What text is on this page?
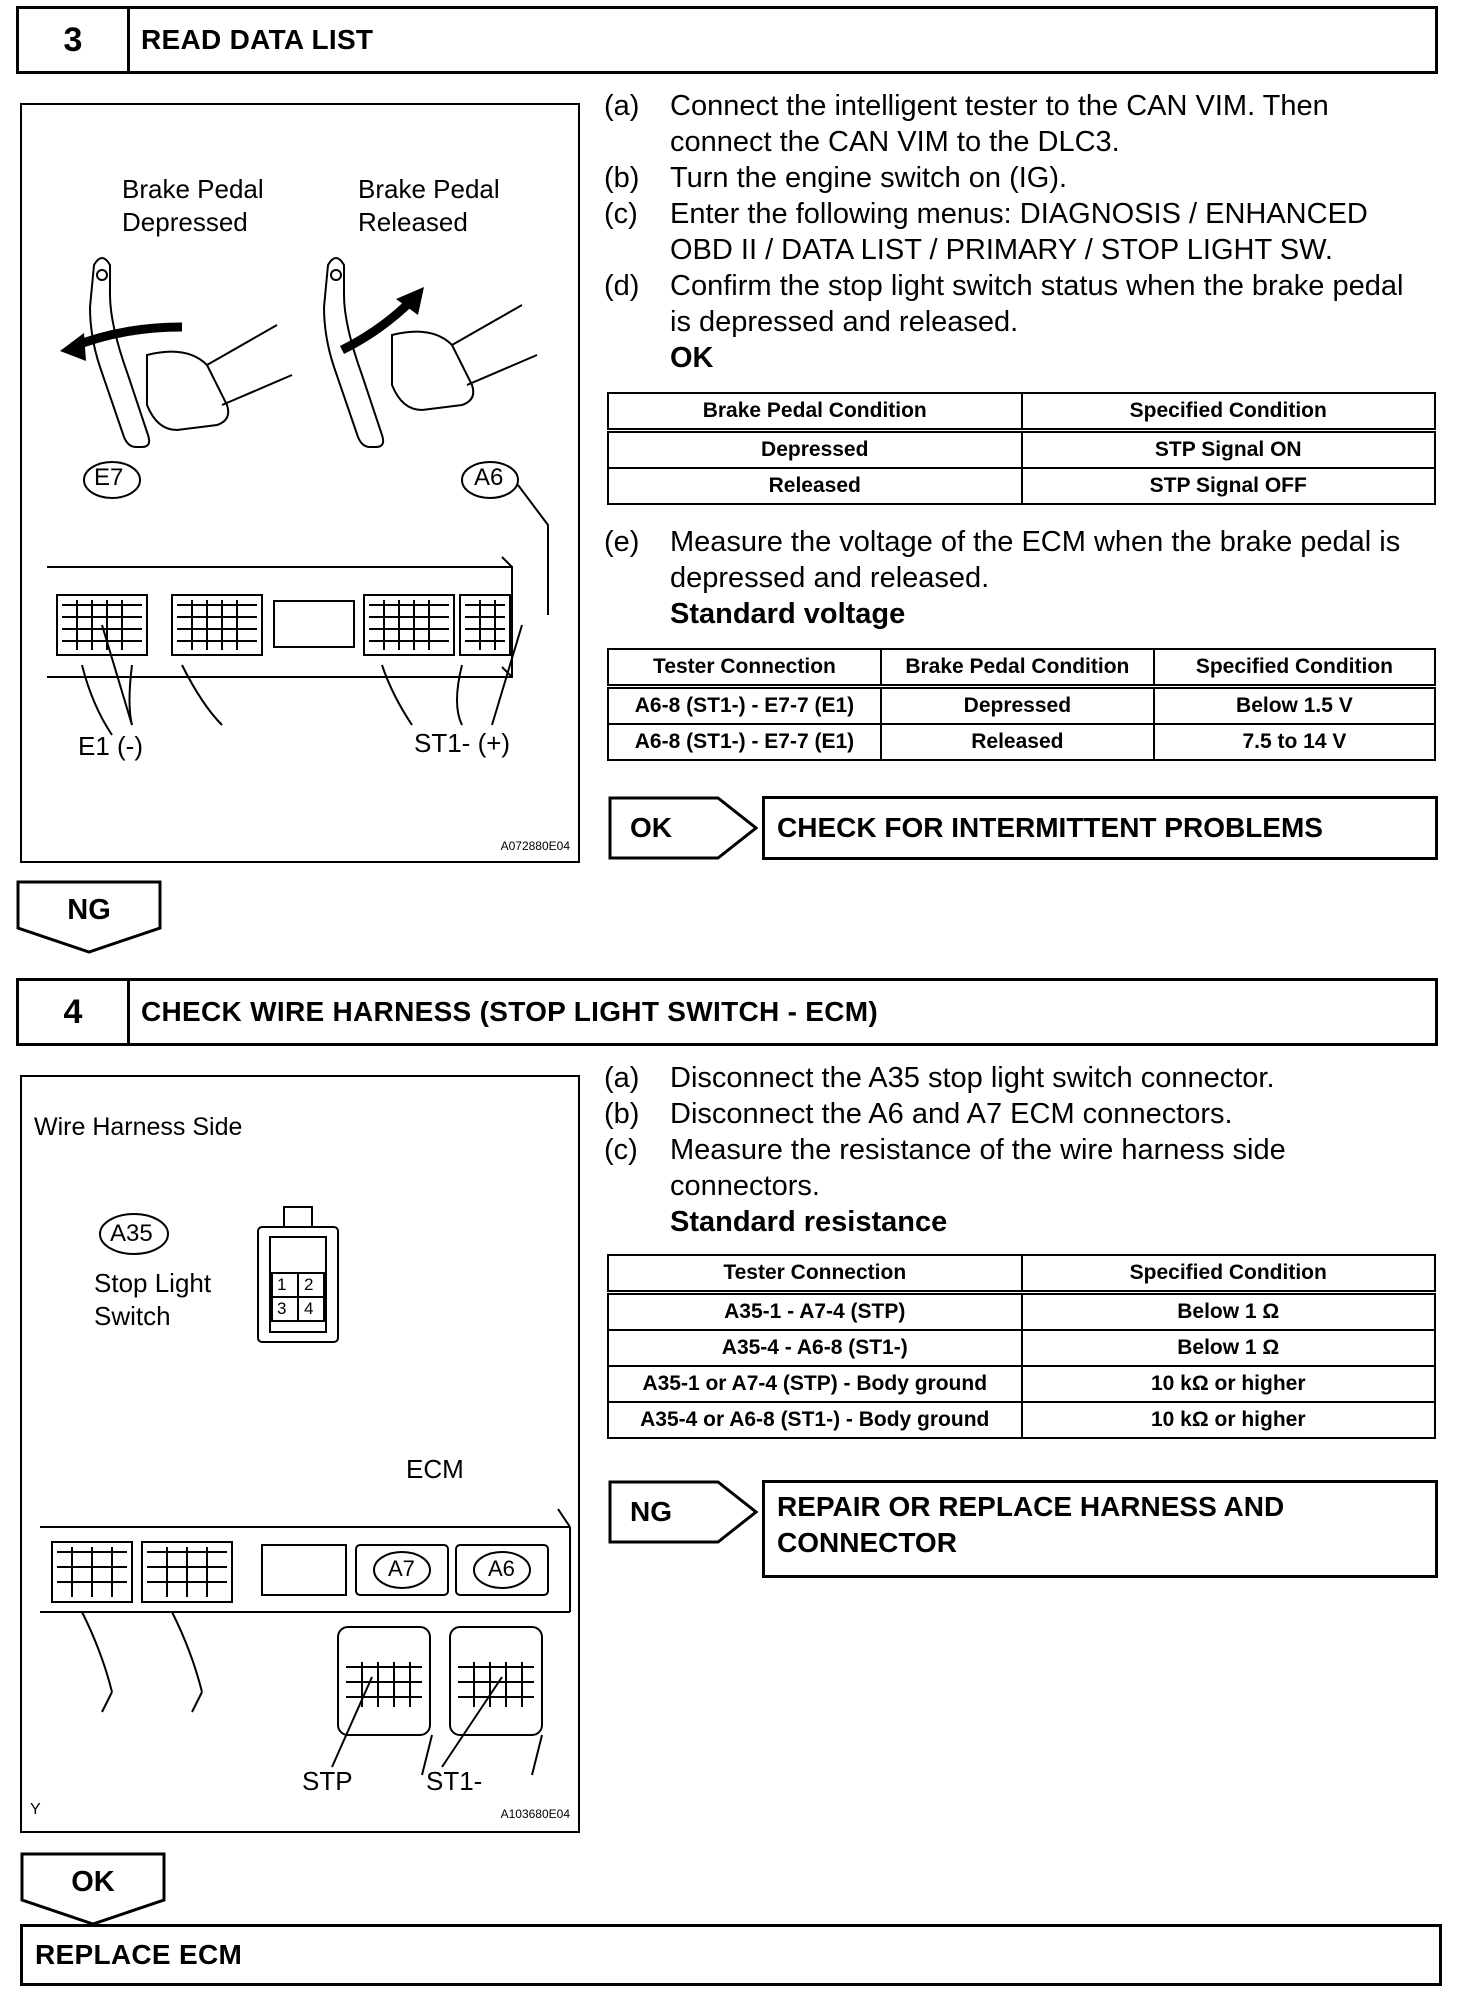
3	READ DATA LIST
Brake Pedal
Depressed
Brake Pedal
Released
E7	A6
E1 (-)	ST1- (+)
A072880E04
(a)	Connect the intelligent tester to the CAN VIM. Then
connect the CAN VIM to the DLC3.
(b)	Turn the engine switch on (IG).
(c)	Enter the following menus: DIAGNOSIS / ENHANCED
OBD II / DATA LIST / PRIMARY / STOP LIGHT SW.
(d)	Confirm the stop light switch status when the brake pedal
is depressed and released.
OK
Brake Pedal Condition	Specified Condition
Depressed	STP Signal ON
Released	STP Signal OFF
(e)	Measure the voltage of the ECM when the brake pedal is
depressed and released.
Standard voltage
Tester Connection	Brake Pedal Condition	Specified Condition
A6-8 (ST1-) - E7-7 (E1)	Depressed	Below 1.5 V
A6-8 (ST1-) - E7-7 (E1)	Released	7.5 to 14 V
OK	CHECK FOR INTERMITTENT PROBLEMS
NG
4	CHECK WIRE HARNESS (STOP LIGHT SWITCH - ECM)
Wire Harness Side
A35
Stop Light
Switch
ECM
STP	ST1-
Y	A103680E04
1 2
3 4
A7	A6
(a)	Disconnect the A35 stop light switch connector.
(b)	Disconnect the A6 and A7 ECM connectors.
(c)	Measure the resistance of the wire harness side
connectors.
Standard resistance
Tester Connection	Specified Condition
A35-1 - A7-4 (STP)	Below 1 Ω
A35-4 - A6-8 (ST1-)	Below 1 Ω
A35-1 or A7-4 (STP) - Body ground	10 kΩ or higher
A35-4 or A6-8 (ST1-) - Body ground	10 kΩ or higher
NG	REPAIR OR REPLACE HARNESS AND
CONNECTOR
OK
REPLACE ECM
